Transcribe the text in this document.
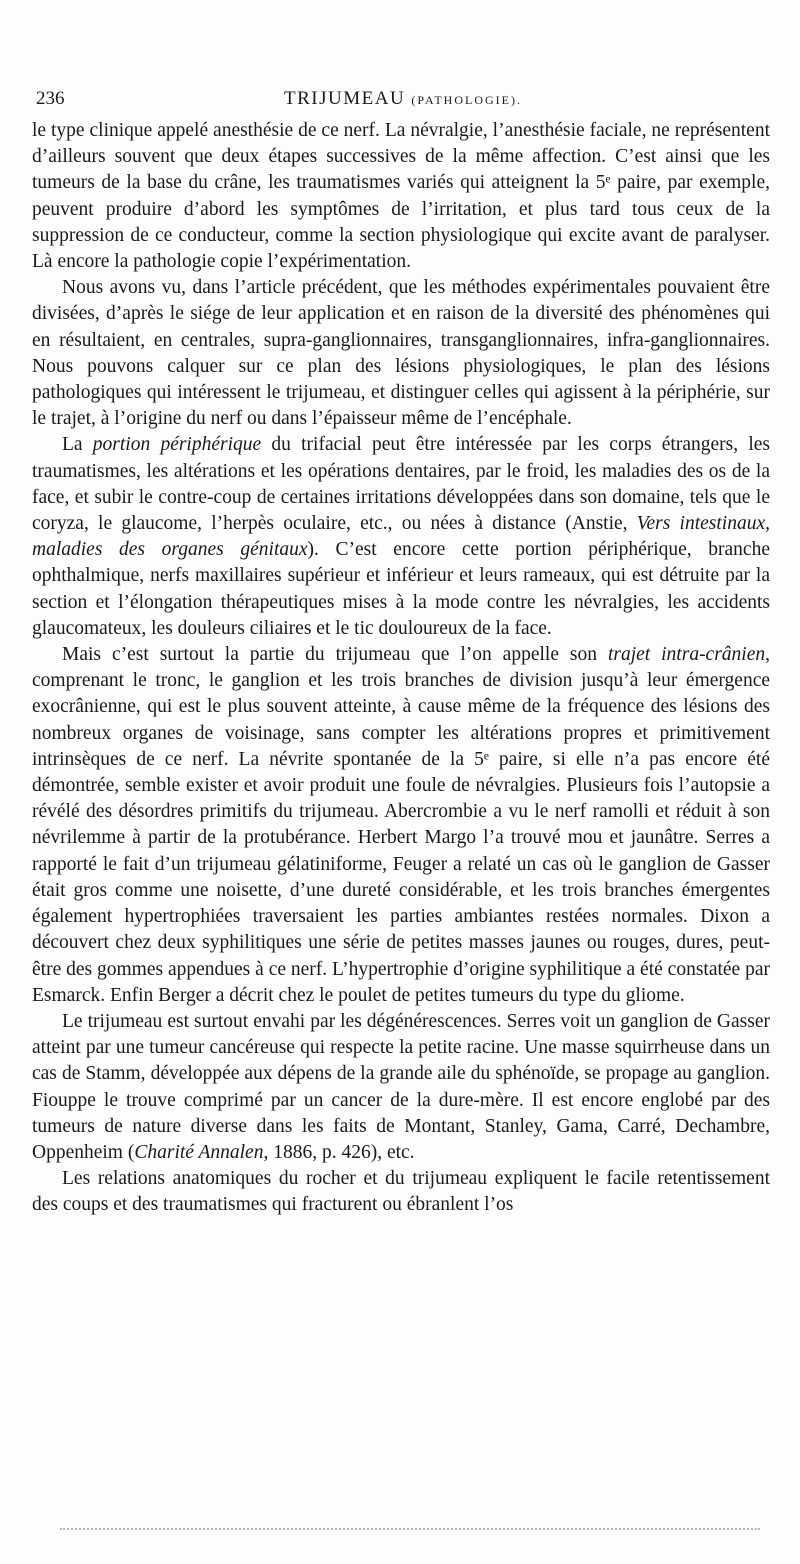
236	TRIJUMEAU (PATHOLOGIE).

le type clinique appelé anesthésie de ce nerf. La névralgie, l’anesthésie faciale, ne représentent d’ailleurs souvent que deux étapes successives de la même affection. C’est ainsi que les tumeurs de la base du crâne, les traumatismes variés qui atteignent la 5ᵉ paire, par exemple, peuvent produire d’abord les symptômes de l’irritation, et plus tard tous ceux de la suppression de ce conducteur, comme la section physiologique qui excite avant de paralyser. Là encore la pathologie copie l’expérimentation.

Nous avons vu, dans l’article précédent, que les méthodes expérimentales pouvaient être divisées, d’après le siége de leur application et en raison de la diversité des phénomènes qui en résultaient, en centrales, supra-ganglionnaires, transganglionnaires, infra-ganglionnaires. Nous pouvons calquer sur ce plan des lésions physiologiques, le plan des lésions pathologiques qui intéressent le trijumeau, et distinguer celles qui agissent à la périphérie, sur le trajet, à l’origine du nerf ou dans l’épaisseur même de l’encéphale.

La portion périphérique du trifacial peut être intéressée par les corps étrangers, les traumatismes, les altérations et les opérations dentaires, par le froid, les maladies des os de la face, et subir le contre-coup de certaines irritations développées dans son domaine, tels que le coryza, le glaucome, l’herpès oculaire, etc., ou nées à distance (Anstie, Vers intestinaux, maladies des organes génitaux). C’est encore cette portion périphérique, branche ophthalmique, nerfs maxillaires supérieur et inférieur et leurs rameaux, qui est détruite par la section et l’élongation thérapeutiques mises à la mode contre les névralgies, les accidents glaucomateux, les douleurs ciliaires et le tic douloureux de la face.

Mais c’est surtout la partie du trijumeau que l’on appelle son trajet intra-crânien, comprenant le tronc, le ganglion et les trois branches de division jusqu’à leur émergence exocrânienne, qui est le plus souvent atteinte, à cause même de la fréquence des lésions des nombreux organes de voisinage, sans compter les altérations propres et primitivement intrinsèques de ce nerf. La névrite spontanée de la 5ᵉ paire, si elle n’a pas encore été démontrée, semble exister et avoir produit une foule de névralgies. Plusieurs fois l’autopsie a révélé des désordres primitifs du trijumeau. Abercrombie a vu le nerf ramolli et réduit à son névrilemme à partir de la protubérance. Herbert Margo l’a trouvé mou et jaunâtre. Serres a rapporté le fait d’un trijumeau gélatiniforme, Feuger a relaté un cas où le ganglion de Gasser était gros comme une noisette, d’une dureté considérable, et les trois branches émergentes également hypertrophiées traversaient les parties ambiantes restées normales. Dixon a découvert chez deux syphilitiques une série de petites masses jaunes ou rouges, dures, peut-être des gommes appendues à ce nerf. L’hypertrophie d’origine syphilitique a été constatée par Esmarck. Enfin Berger a décrit chez le poulet de petites tumeurs du type du gliome.

Le trijumeau est surtout envahi par les dégénérescences. Serres voit un ganglion de Gasser atteint par une tumeur cancéreuse qui respecte la petite racine. Une masse squirrheuse dans un cas de Stamm, développée aux dépens de la grande aile du sphénoïde, se propage au ganglion. Fiouppe le trouve comprimé par un cancer de la dure-mère. Il est encore englobé par des tumeurs de nature diverse dans les faits de Montant, Stanley, Gama, Carré, Dechambre, Oppenheim (Charité Annalen, 1886, p. 426), etc.

Les relations anatomiques du rocher et du trijumeau expliquent le facile retentissement des coups et des traumatismes qui fracturent ou ébranlent l’os
